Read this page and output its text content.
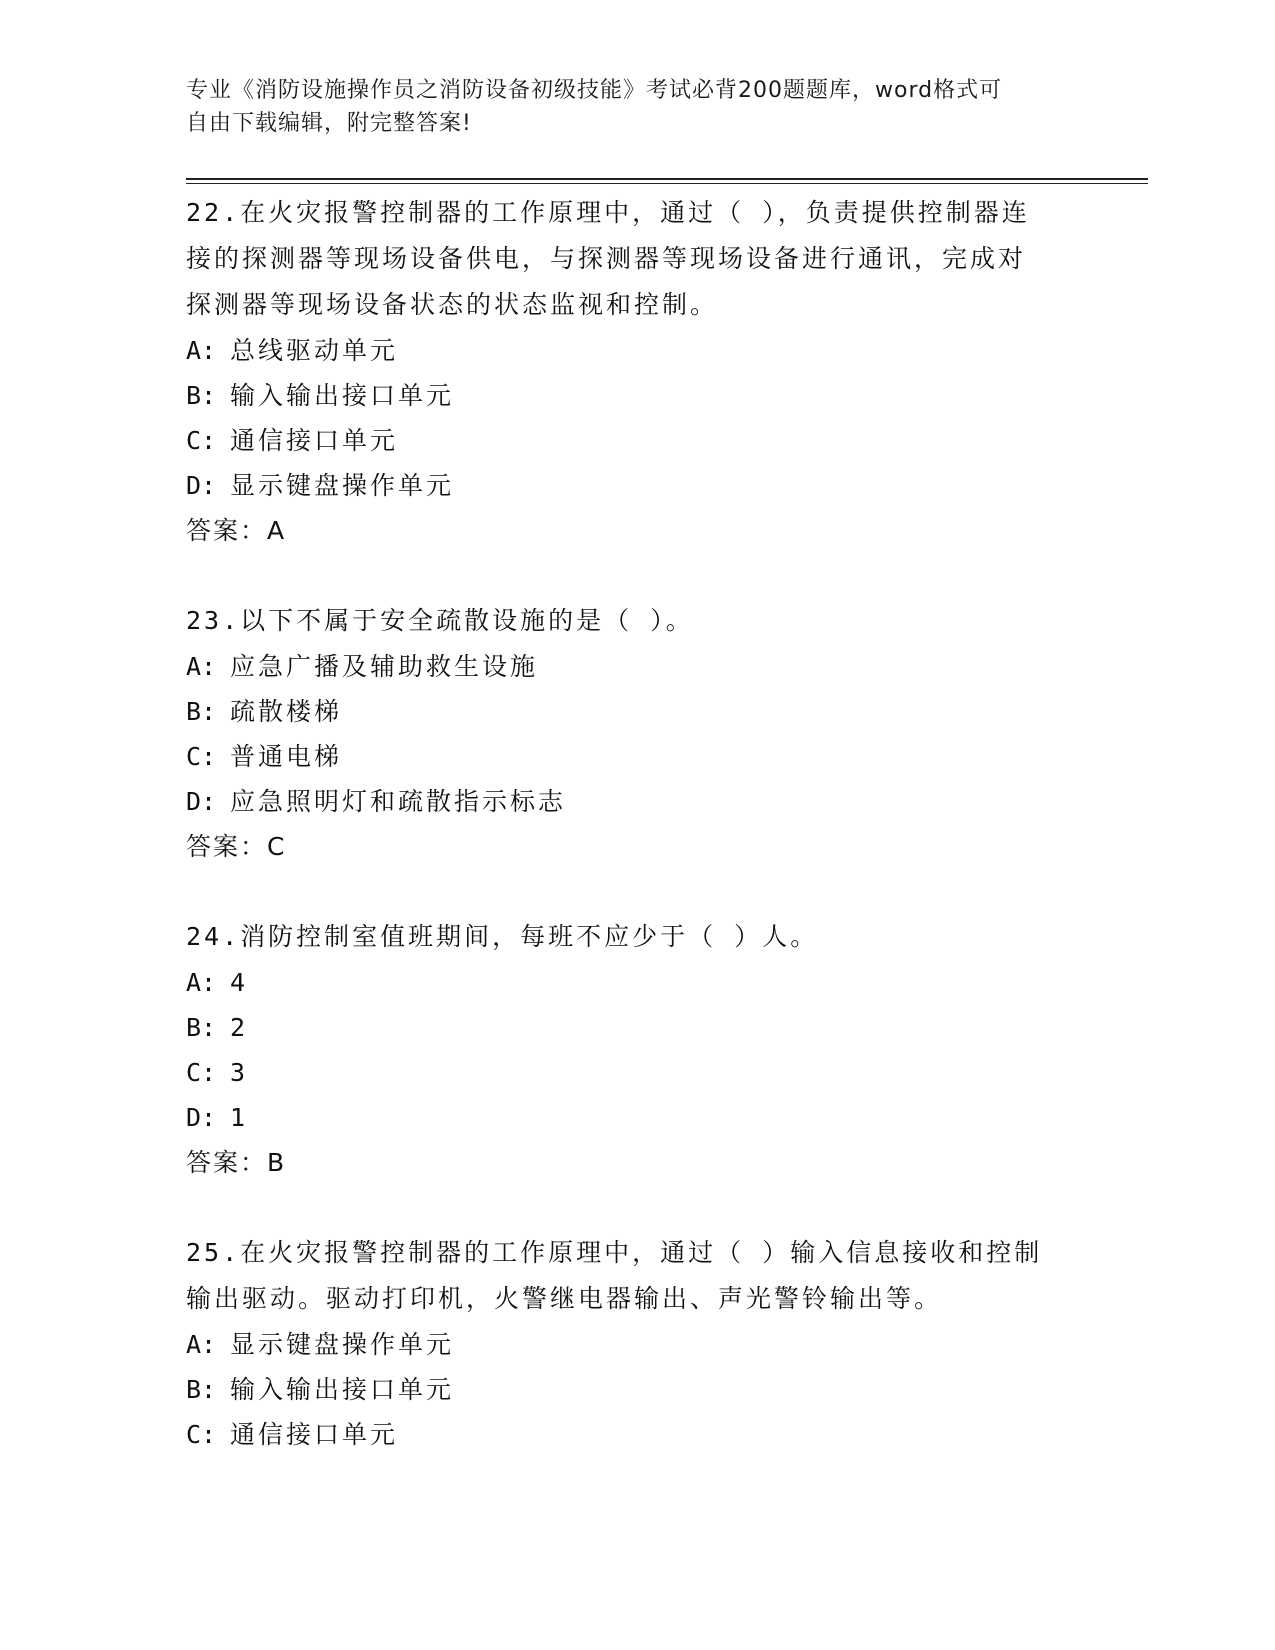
专业《消防设施操作员之消防设备初级技能》考试必背200题题库，word格式可
自由下载编辑，附完整答案!
22.在火灾报警控制器的工作原理中，通过（ ），负责提供控制器连
接的探测器等现场设备供电，与探测器等现场设备进行通讯，完成对
探测器等现场设备状态的状态监视和控制。
A: 总线驱动单元
B: 输入输出接口单元
C: 通信接口单元
D: 显示键盘操作单元
答案：A
23.以下不属于安全疏散设施的是（ ）。
A: 应急广播及辅助救生设施
B: 疏散楼梯
C: 普通电梯
D: 应急照明灯和疏散指示标志
答案：C
24.消防控制室值班期间，每班不应少于（ ）人。
A: 4
B: 2
C: 3
D: 1
答案：B
25.在火灾报警控制器的工作原理中，通过（ ）输入信息接收和控制
输出驱动。驱动打印机，火警继电器输出、声光警铃输出等。
A: 显示键盘操作单元
B: 输入输出接口单元
C: 通信接口单元
